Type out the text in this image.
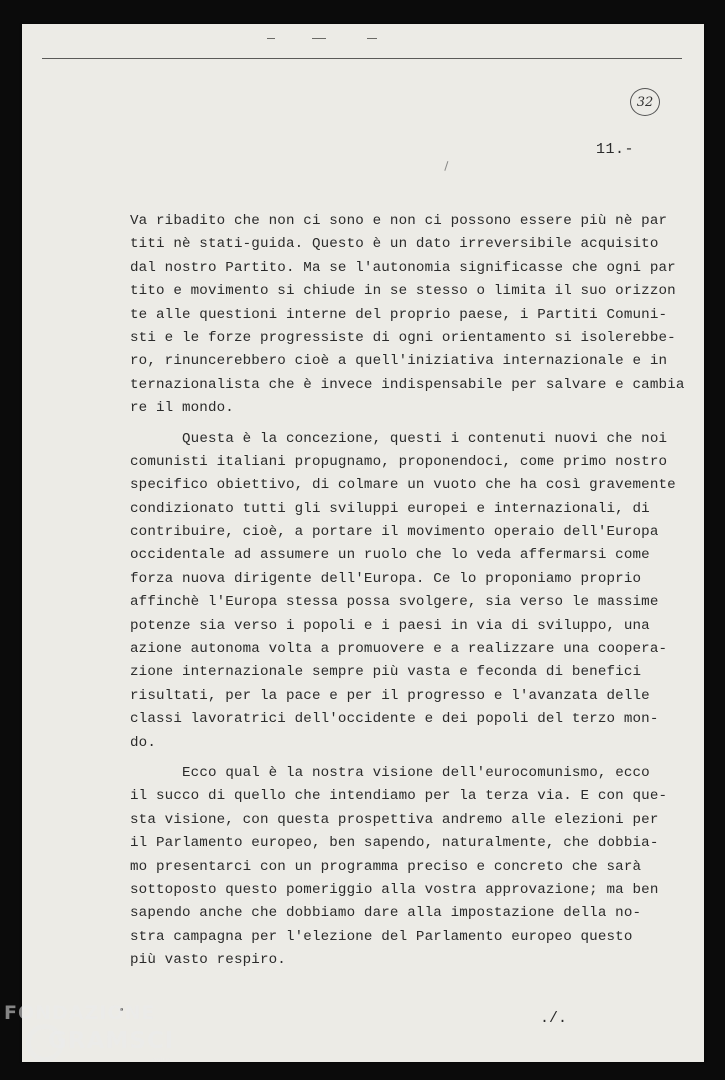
32
11.-
Va ribadito che non ci sono e non ci possono essere più nè par
titi nè stati-guida. Questo è un dato irreversibile acquisito
dal nostro Partito. Ma se l'autonomia significasse che ogni par
tito e movimento si chiude in se stesso o limita il suo orizzon
te alle questioni interne del proprio paese, i Partiti Comuni-
sti e le forze progressiste di ogni orientamento si isolerebbe-
ro, rinuncerebbero cioè a quell'iniziativa internazionale e in
ternazionalista che è invece indispensabile per salvare e cambia
re il mondo.
Questa è la concezione, questi i contenuti nuovi che noi
comunisti italiani propugnamo, proponendoci, come primo nostro
specifico obiettivo, di colmare un vuoto che ha così gravemente
condizionato tutti gli sviluppi europei e internazionali, di
contribuire, cioè, a portare il movimento operaio dell'Europa
occidentale ad assumere un ruolo che lo veda affermarsi come
forza nuova dirigente dell'Europa. Ce lo proponiamo proprio
affinchè l'Europa stessa possa svolgere, sia verso le massime
potenze sia verso i popoli e i paesi in via di sviluppo, una
azione autonoma volta a promuovere e a realizzare una coopera-
zione internazionale sempre più vasta e feconda di benefici
risultati, per la pace e per il progresso e l'avanzata delle
classi lavoratrici dell'occidente e dei popoli del terzo mon-
do.
Ecco qual è la nostra visione dell'eurocomunismo, ecco
il succo di quello che intendiamo per la terza via. E con que-
sta visione, con questa prospettiva andremo alle elezioni per
il Parlamento europeo, ben sapendo, naturalmente, che dobbia-
mo presentarci con un programma preciso e concreto che sarà
sottoposto questo pomeriggio alla vostra approvazione; ma ben
sapendo anche che dobbiamo dare alla impostazione della no-
stra campagna per l'elezione del Parlamento europeo questo
più vasto respiro.
./.
FONDAZIONE
GRAMSCI
onlus
